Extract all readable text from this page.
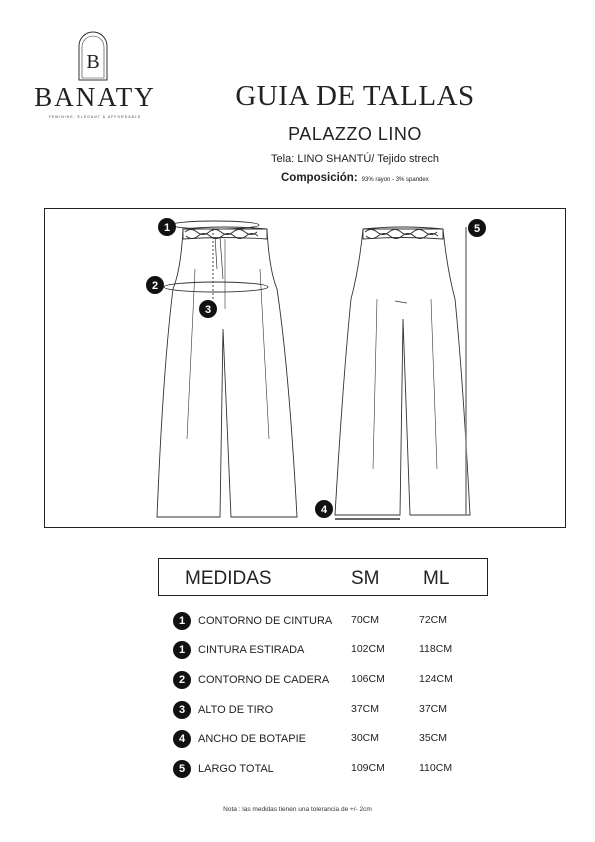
B
BANATY
FEMININE, ELEGANT & AFFORDABLE
GUIA DE TALLAS
PALAZZO LINO
Tela: LINO SHANTÚ/ Tejido strech
Composición: 93% rayon - 3% spandex
1
2
3
4
5
MEDIDAS	SM ML
1	CONTORNO DE CINTURA 70CM	72CM
1	CINTURA ESTIRADA	102CM	118CM
2	CONTORNO DE CADERA 106CM	124CM
3	ALTO DE TIRO	37CM	37CM
4	ANCHO DE BOTAPIE	30CM	35CM
5	LARGO TOTAL	109CM	110CM
Nota : las medidas tienen una tolerancia de +/- 2cm
